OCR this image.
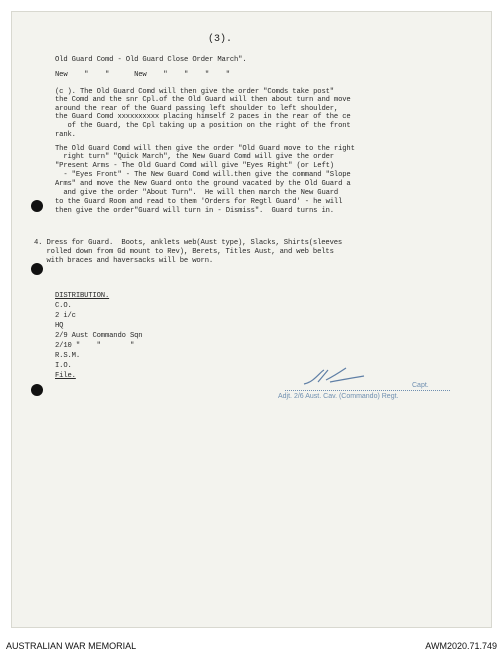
(3).
Old Guard Comd - Old Guard Close Order March".
New    "    "      New    "    "    "    "
(c ). The Old Guard Comd will then give the order "Comds take post"
the Comd and the snr Cpl.of the Old Guard will then about turn and move
around the rear of the Guard passing left shoulder to left shoulder,
the Guard Comd xxxxxxxxxx placing himself 2 paces in the rear of the ce
of the Guard, the Cpl taking up a position on the right of the front
rank.
The Old Guard Comd will then give the order "Old Guard move to the right
right turn" "Quick March", the New Guard Comd will give the order
"Present Arms - The Old Guard Comd will give "Eyes Right" (or Left)
- "Eyes Front" - The New Guard Comd will.then give the command "Slope
Arms" and move the New Guard onto the ground vacated by the Old Guard a
and give the order "About Turn".  He will then march the New Guard
to the Guard Room and read to them 'Orders for Regtl Guard' - he will
then give the order"Guard will turn in - Dismiss".  Guard turns in.
4. Dress for Guard.  Boots, anklets web(Aust type), Slacks, Shirts(sleeves
rolled down from Gd mount to Rev), Berets, Titles Aust, and web belts
with braces and haversacks will be worn.
DISTRIBUTION.
C.O.
2 i/c
HQ
2/9 Aust Commando Sqn
2/10 "    "       "
R.S.M.
I.O.
File.
Capt.
Adjt. 2/6 Aust. Cav. (Commando) Regt.
AUSTRALIAN WAR MEMORIAL	AWM2020.71.749
